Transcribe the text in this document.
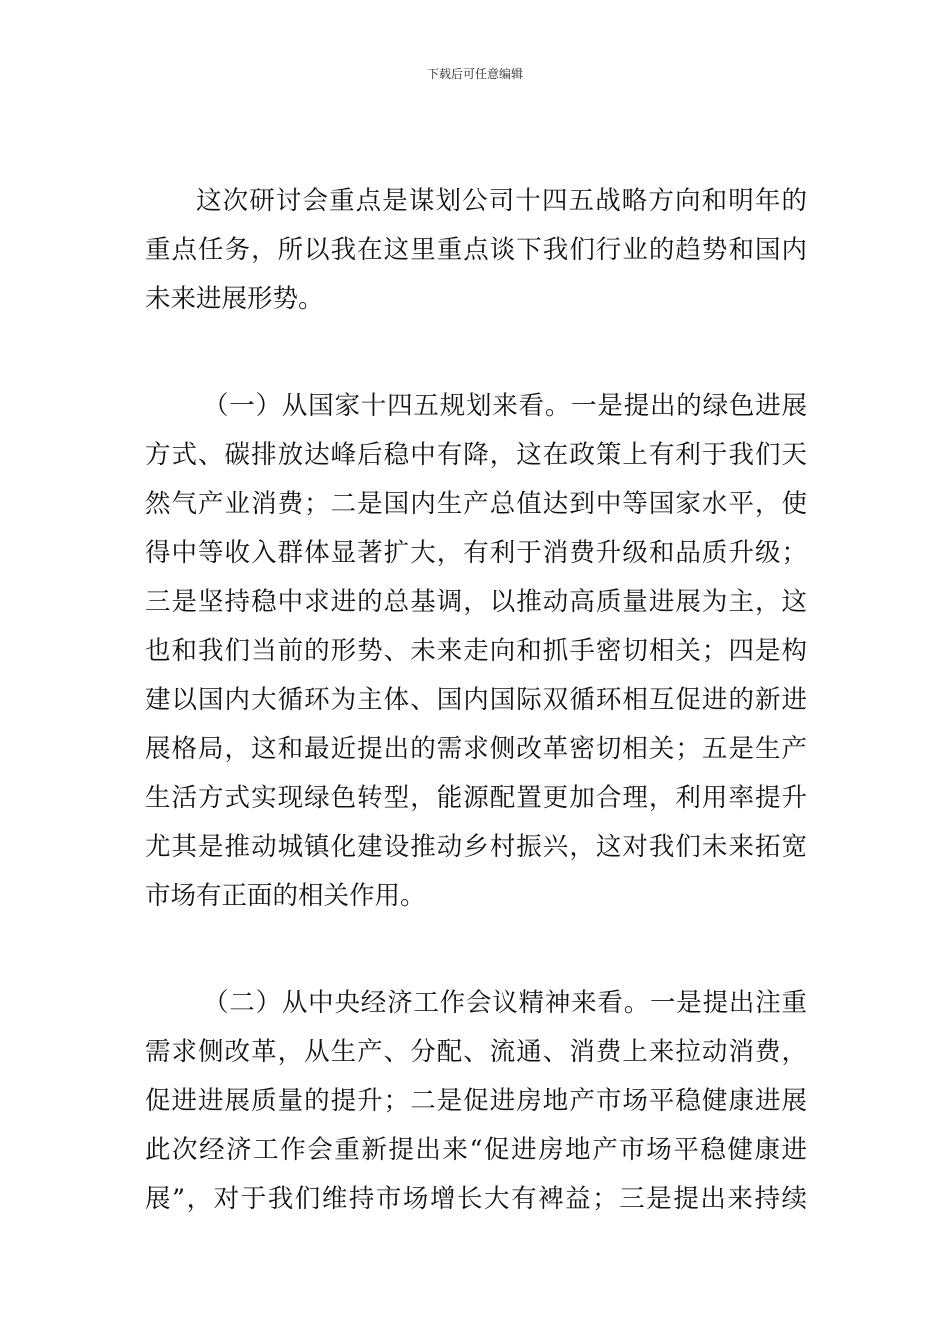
下载后可任意编辑
这次研讨会重点是谋划公司十四五战略方向和明年的
重点任务，所以我在这里重点谈下我们行业的趋势和国内
未来进展形势。
（一）从国家十四五规划来看。一是提出的绿色进展
方式、碳排放达峰后稳中有降，这在政策上有利于我们天
然气产业消费；二是国内生产总值达到中等国家水平，使
得中等收入群体显著扩大，有利于消费升级和品质升级；
三是坚持稳中求进的总基调，以推动高质量进展为主，这
也和我们当前的形势、未来走向和抓手密切相关；四是构
建以国内大循环为主体、国内国际双循环相互促进的新进
展格局，这和最近提出的需求侧改革密切相关；五是生产
生活方式实现绿色转型，能源配置更加合理，利用率提升
尤其是推动城镇化建设推动乡村振兴，这对我们未来拓宽
市场有正面的相关作用。
（二）从中央经济工作会议精神来看。一是提出注重
需求侧改革，从生产、分配、流通、消费上来拉动消费，
促进进展质量的提升；二是促进房地产市场平稳健康进展
此次经济工作会重新提出来“促进房地产市场平稳健康进
展”，对于我们维持市场增长大有裨益；三是提出来持续
